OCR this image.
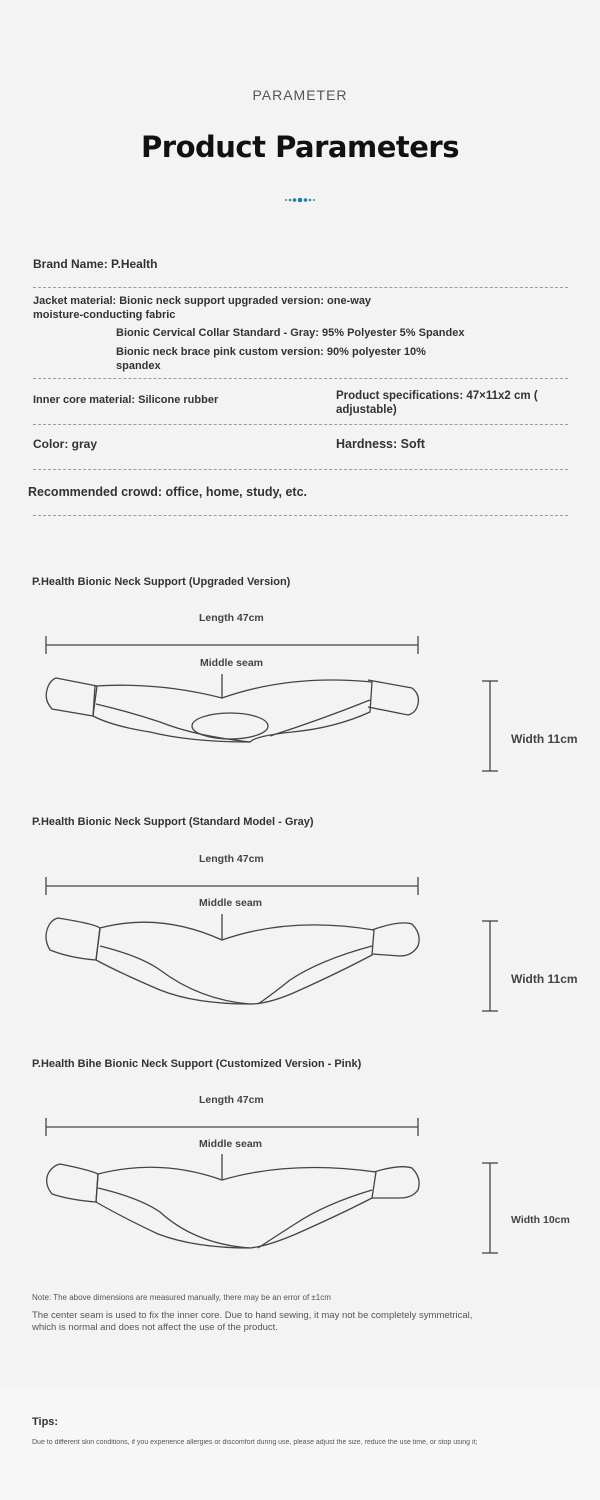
PARAMETER
Product Parameters
Brand Name: P.Health
Jacket material: Bionic neck support upgraded version: one-way
moisture-conducting fabric
Bionic Cervical Collar Standard - Gray: 95% Polyester 5% Spandex
Bionic neck brace pink custom version: 90% polyester 10%
spandex
Inner core material: Silicone rubber	Product specifications: 47×11x2 cm (
adjustable)
Color: gray	Hardness: Soft
Recommended crowd: office, home, study, etc.
P.Health Bionic Neck Support (Upgraded Version)
Length 47cm
Middle seam
Width 11cm
P.Health Bionic Neck Support (Standard Model - Gray)
Length 47cm
Middle seam
Width 11cm
P.Health Bihe Bionic Neck Support (Customized Version - Pink)
Length 47cm
Middle seam
Width 10cm
Note: The above dimensions are measured manually, there may be an error of ±1cm
The center seam is used to fix the inner core. Due to hand sewing, it may not be completely symmetrical, which is normal and does not affect the use of the product.
Tips:
Due to different skin conditions, if you experience allergies or discomfort during use, please adjust the size, reduce the use time, or stop using it;
